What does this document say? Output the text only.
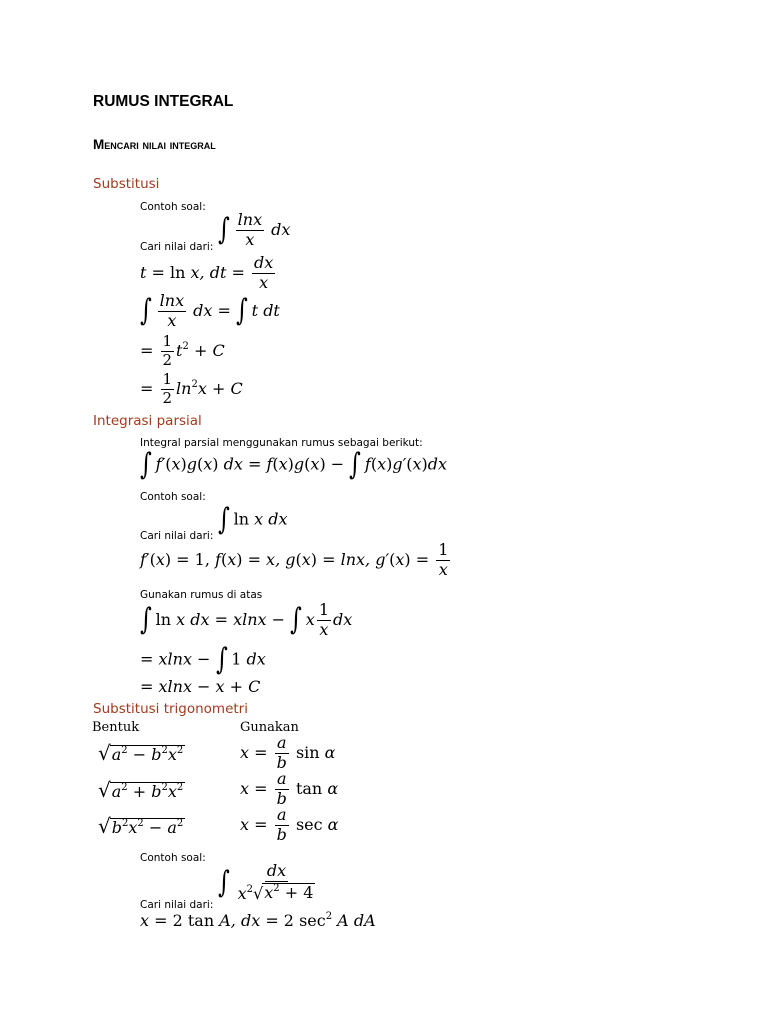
RUMUS INTEGRAL
Mencari nilai integral
Substitusi
Contoh soal:
Cari nilai dari: ∫ $\frac{\ln x}{x}$ dx
t = ln x, dt = $\frac{dx}{x}$
∫ $\frac{\ln x}{x}$ dx = ∫ t dt
= $\frac{1}{2} t^2 + C$
= $\frac{1}{2} \ln^2x + C$
Integrasi parsial
Integral parsial menggunakan rumus sebagai berikut:
∫ f′(x)g(x) dx = f(x)g(x) − ∫ f(x)g′(x)dx
Contoh soal:
Cari nilai dari: ∫ ln x dx
f′(x) = 1, f(x) = x, g(x) = lnx, $g'(x) = \frac{1}{x}$
Gunakan rumus di atas
∫ ln x dx = xlnx − ∫ x $\frac{1}{x}$ dx
= xlnx − ∫ 1 dx
= xlnx − x + C
Substitusi trigonometri
Bentuk	Gunakan
√ $a^2 - b^2x^2$	$x = \frac{a}{b}$ sin α
√ $a^2 + b^2x^2$	$x = \frac{a}{b}$ tan α
√ $b^2x^2 - a^2$	$x = \frac{a}{b}$ sec α
Contoh soal:
Cari nilai dari:
∫ $\frac{dx}{x^2 √ x^2 + 4}$
x = 2 tan A, dx = 2 $\sec^2 A$ dA
